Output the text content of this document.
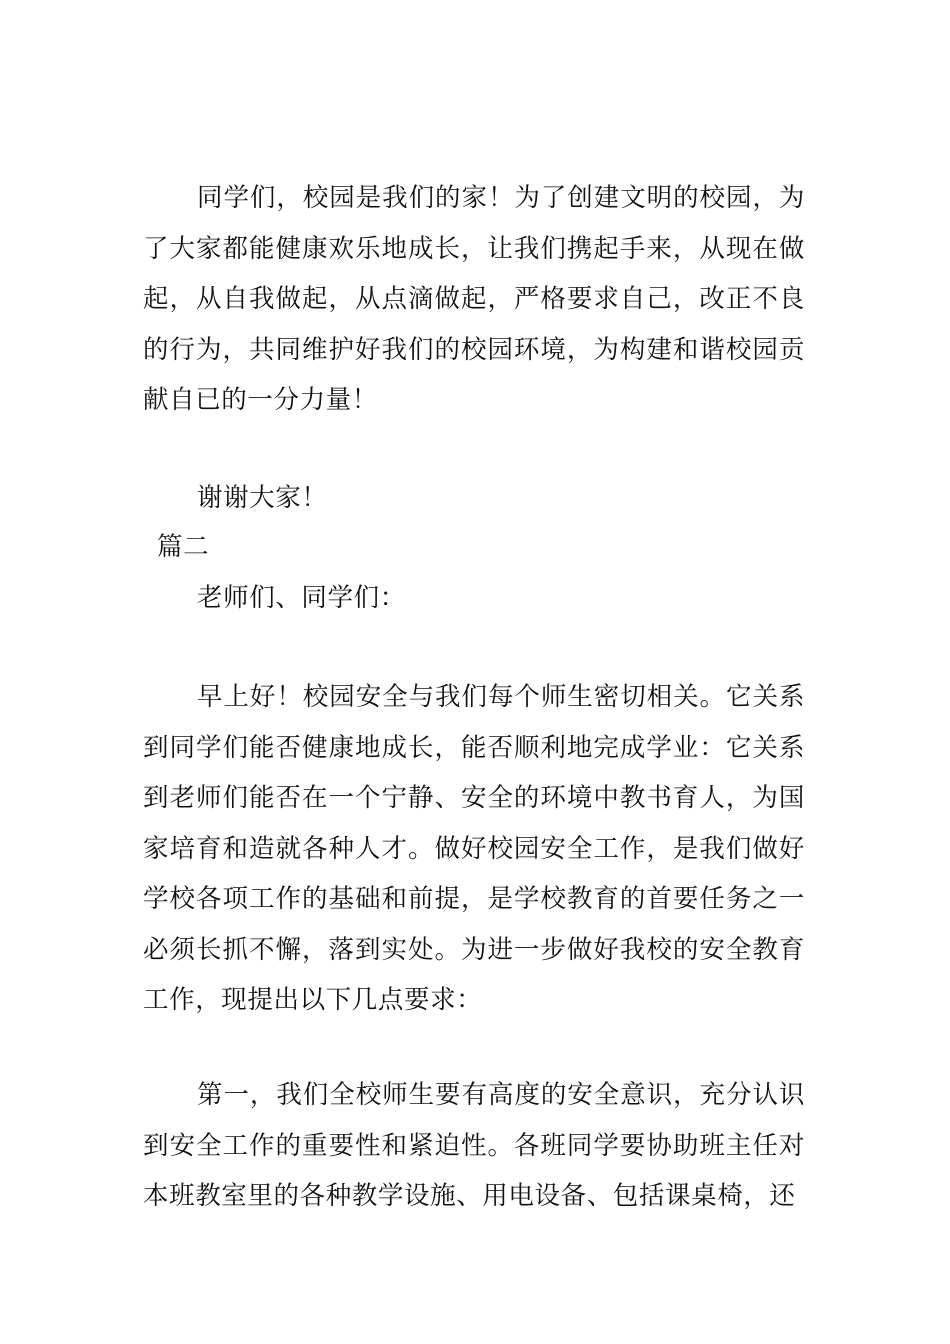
同学们，校园是我们的家！为了创建文明的校园，为了大家都能健康欢乐地成长，让我们携起手来，从现在做起，从自我做起，从点滴做起，严格要求自己，改正不良的行为，共同维护好我们的校园环境，为构建和谐校园贡献自已的一分力量！

谢谢大家！

篇二

老师们、同学们：

早上好！校园安全与我们每个师生密切相关。它关系到同学们能否健康地成长，能否顺利地完成学业：它关系到老师们能否在一个宁静、安全的环境中教书育人，为国家培育和造就各种人才。做好校园安全工作，是我们做好学校各项工作的基础和前提，是学校教育的首要任务之一必须长抓不懈，落到实处。为进一步做好我校的安全教育工作，现提出以下几点要求：

第一，我们全校师生要有高度的安全意识，充分认识到安全工作的重要性和紧迫性。各班同学要协助班主任对本班教室里的各种教学设施、用电设备、包括课桌椅，还
